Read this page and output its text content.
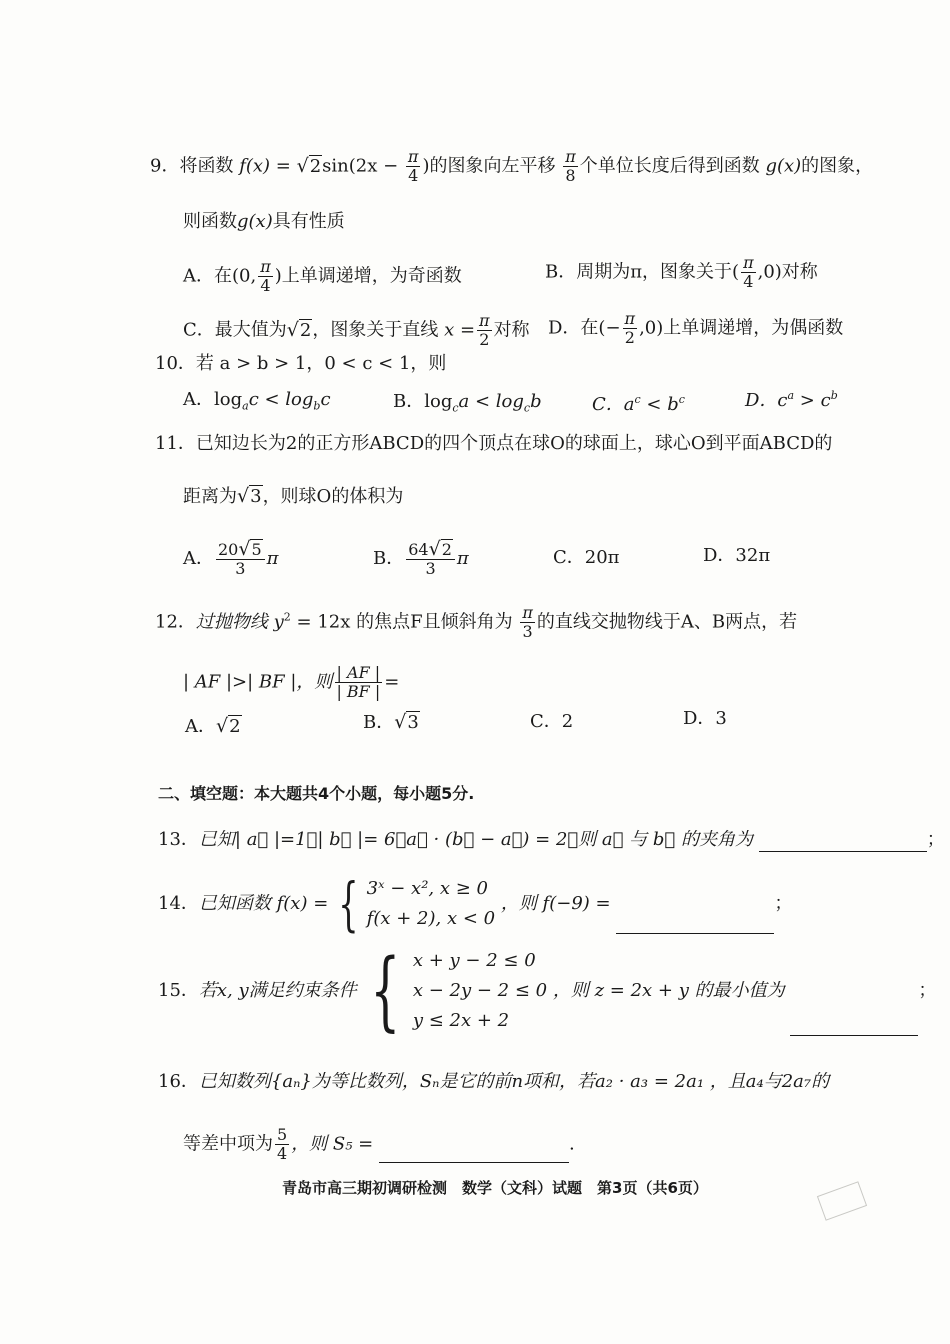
9．将函数 $f(x) = √2\sin(2x - \frac{\pi}{4}$ )的图象向左平移 $\frac{\pi}{8}$ 个单位长度后得到函数 g(x)的图象，
则函数g(x)具有性质
A．在(0, $\frac{\pi}{4}$ )上单调递增，为奇函数	B．周期为π，图象关于( $\frac{\pi}{4} ,0$)对称
C．最大值为√2，图象关于直线 $x = \frac{\pi}{2}$ 对称 D．在(− $\frac{\pi}{2} ,0$)上单调递增，为偶函数
10．若 a > b > 1，0 < c < 1，则
A．$\log_ac < \log_bc$	B．$\log_ca < \log_cb$	C．$a^c < b^c$	D．$c^a > c^b$
11．已知边长为2的正方形ABCD的四个顶点在球O的球面上，球心O到平面ABCD的
距离为√3，则球O的体积为
A． $\frac{20√5}{3}$ π	B． $\frac{64√2}{3}$ π	C．20π	D．32π
12．过抛物线 $y^2 = 12x$ 的焦点F且倾斜角为 $\frac{\pi}{3}$ 的直线交抛物线于A、B两点，若
| AF |>| BF |，则 $\frac{| AF |}{| BF |}$ =
A．√2	B．√3	C．2	D．3
二、填空题：本大题共4个小题，每小题5分.
13．已知| a⃗ |=1，| b⃗ |= 6，a⃗ · (b⃗ − a⃗) = 2，则 a⃗ 与 b⃗ 的夹角为	；
14．已知函数 f(x) = { 3ˣ − x², x ≥ 0
f(x + 2), x < 0
，则 f(−9) =	；
15．若x, y满足约束条件 { x + y − 2 ≤ 0
x − 2y − 2 ≤ 0
y ≤ 2x + 2
，则 z = 2x + y 的最小值为	；
16．已知数列{aₙ}为等比数列，Sₙ是它的前n项和，若a₂ · a₃ = 2a₁ ，且a₄与2a₇的
等差中项为 $\frac{5}{4}$ ，则 S₅ =	.
青岛市高三期初调研检测　数学（文科）试题　第3页（共6页）
